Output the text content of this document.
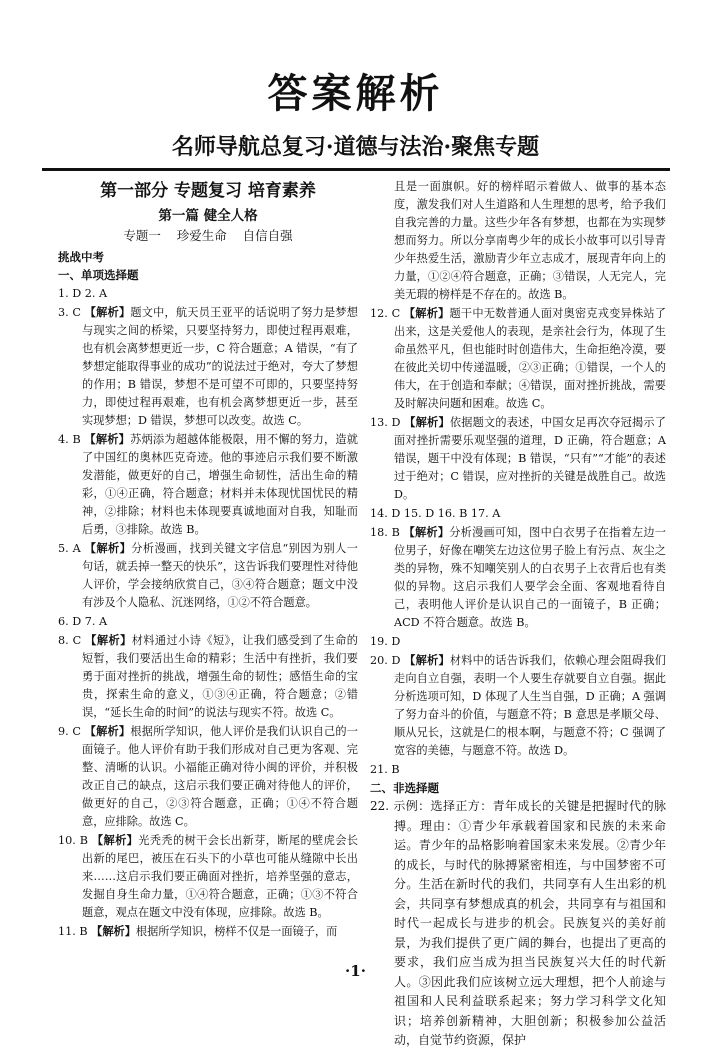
答案解析
名师导航总复习·道德与法治·聚焦专题
第一部分 专题复习 培育素养
第一篇 健全人格
专题一    珍爱生命    自信自强
挑战中考
一、单项选择题
1. D 2. A
3. C 【解析】题文中，航天员王亚平的话说明了努力是梦想与现实之间的桥梁，只要坚持努力，即使过程再艰难，也有机会离梦想更近一步，C 符合题意；A 错误，“有了梦想定能取得事业的成功”的说法过于绝对，夸大了梦想的作用；B 错误，梦想不是可望不可即的，只要坚持努力，即使过程再艰难，也有机会离梦想更近一步，甚至实现梦想；D 错误，梦想可以改变。故选 C。
4. B 【解析】苏炳添为超越体能极限，用不懈的努力，造就了中国红的奥林匹克奇迹。他的事迹启示我们要不断激发潜能，做更好的自己，增强生命韧性，活出生命的精彩，①④正确，符合题意；材料并未体现忧国忧民的精神，②排除；材料也未体现要真诚地面对自我，知耻而后勇，③排除。故选 B。
5. A 【解析】分析漫画，找到关键文字信息“别因为别人一句话，就丢掉一整天的快乐”，这告诉我们要理性对待他人评价，学会接纳欣赏自己，③④符合题意；题文中没有涉及个人隐私、沉迷网络，①②不符合题意。
6. D 7. A
8. C 【解析】材料通过小诗《短》，让我们感受到了生命的短暂，我们要活出生命的精彩；生活中有挫折，我们要勇于面对挫折的挑战，增强生命的韧性；感悟生命的宝贵，探索生命的意义，①③④正确，符合题意；②错误，“延长生命的时间”的说法与现实不符。故选 C。
9. C 【解析】根据所学知识，他人评价是我们认识自己的一面镜子。他人评价有助于我们形成对自己更为客观、完整、清晰的认识。小福能正确对待小闽的评价，并积极改正自己的缺点，这启示我们要正确对待他人的评价，做更好的自己，②③符合题意，正确；①④不符合题意，应排除。故选 C。
10. B 【解析】光秃秃的树干会长出新芽，断尾的壁虎会长出新的尾巴，被压在石头下的小草也可能从缝隙中长出来……这启示我们要正确面对挫折，培养坚强的意志，发掘自身生命力量，①④符合题意，正确；①③不符合题意，观点在题文中没有体现，应排除。故选 B。
11. B 【解析】根据所学知识，榜样不仅是一面镜子，而
且是一面旗帜。好的榜样昭示着做人、做事的基本态度，激发我们对人生道路和人生理想的思考，给予我们自我完善的力量。这些少年各有梦想，也都在为实现梦想而努力。所以分享南粤少年的成长小故事可以引导青少年热爱生活，激励青少年立志成才，展现青年向上的力量，①②④符合题意，正确；③错误，人无完人，完美无瑕的榜样是不存在的。故选 B。
12. C 【解析】题干中无数普通人面对奥密克戎变异株站了出来，这是关爱他人的表现，是亲社会行为，体现了生命虽然平凡，但也能时时创造伟大，生命拒绝冷漠，要在彼此关切中传递温暖，②③正确；①错误，一个人的伟大，在于创造和奉献；④错误，面对挫折挑战，需要及时解决问题和困难。故选 C。
13. D 【解析】依据题文的表述，中国女足再次夺冠揭示了面对挫折需要乐观坚强的道理，D 正确，符合题意；A 错误，题干中没有体现；B 错误，“只有”“才能”的表述过于绝对；C 错误，应对挫折的关键是战胜自己。故选 D。
14. D 15. D 16. B 17. A
18. B 【解析】分析漫画可知，图中白衣男子在指着左边一位男子，好像在嘲笑左边这位男子脸上有污点、灰尘之类的异物，殊不知嘲笑别人的白衣男子上衣背后也有类似的异物。这启示我们人要学会全面、客观地看待自己，表明他人评价是认识自己的一面镜子，B 正确；ACD 不符合题意。故选 B。
19. D
20. D 【解析】材料中的话告诉我们，依赖心理会阻碍我们走向自立自强，表明一个人要生存就要自立自强。据此分析选项可知，D 体现了人生当自强，D 正确；A 强调了努力奋斗的价值，与题意不符；B 意思是孝顺父母、顺从兄长，这就是仁的根本啊，与题意不符；C 强调了宽容的美德，与题意不符。故选 D。
21. B
二、非选择题
22. 示例：选择正方：青年成长的关键是把握时代的脉搏。理由：①青少年承载着国家和民族的未来命运。青少年的品格影响着国家未来发展。②青少年的成长，与时代的脉搏紧密相连，与中国梦密不可分。生活在新时代的我们，共同享有人生出彩的机会，共同享有梦想成真的机会，共同享有与祖国和时代一起成长与进步的机会。民族复兴的美好前景，为我们提供了更广阔的舞台，也提出了更高的要求，我们应当成为担当民族复兴大任的时代新人。③因此我们应该树立远大理想，把个人前途与祖国和人民利益联系起来；努力学习科学文化知识；培养创新精神，大胆创新；积极参加公益活动，自觉节约资源，保护
·1·
